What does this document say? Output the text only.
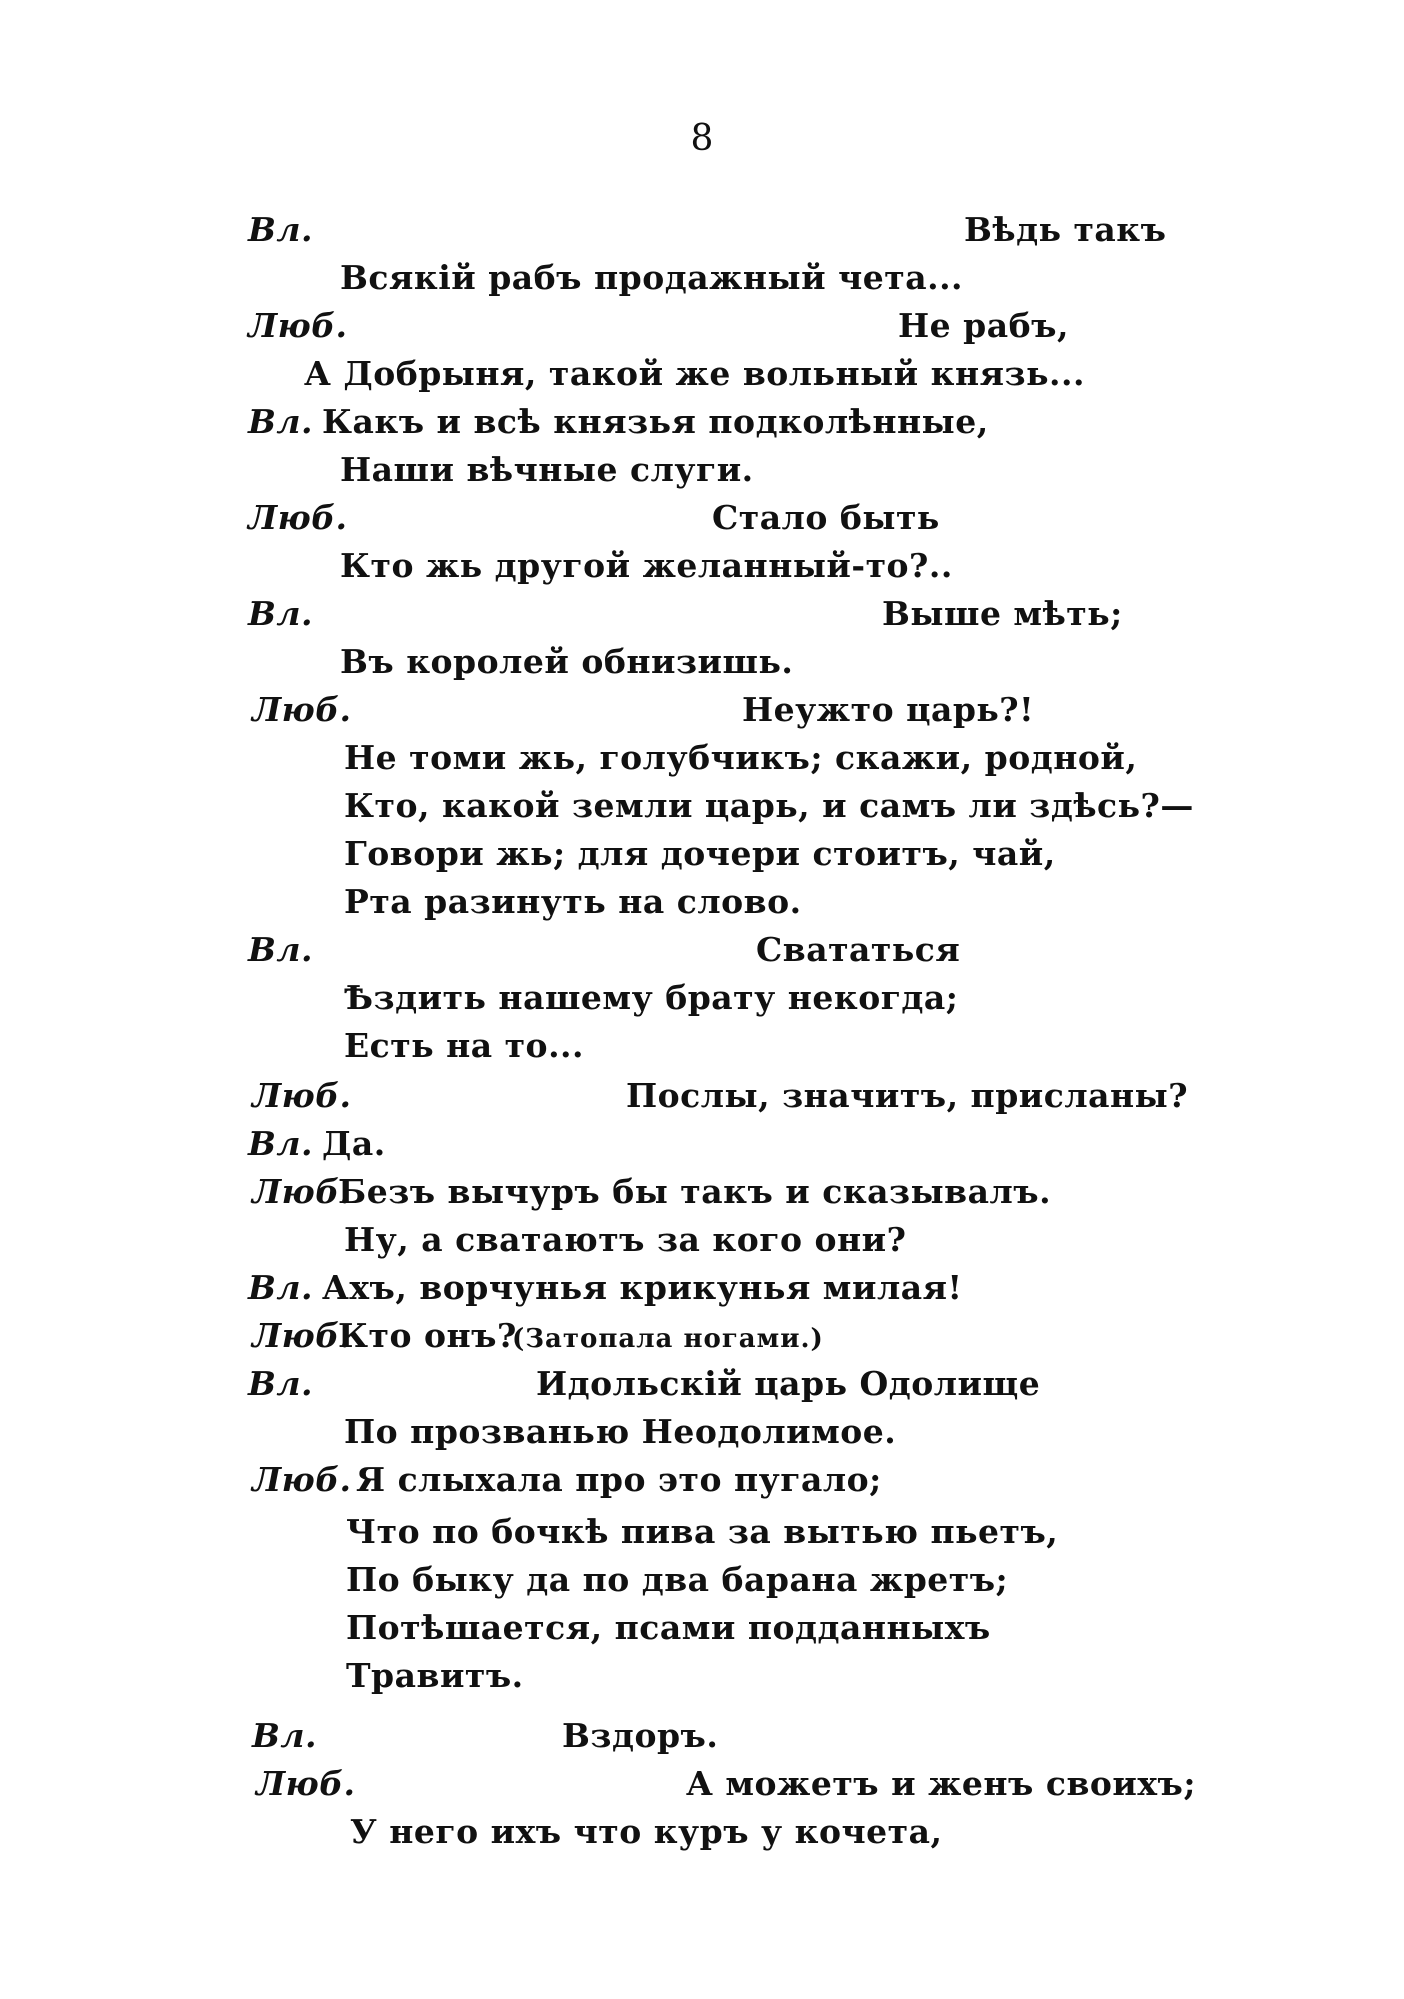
8
Вл.	Вѣдь такъ
Всякій рабъ продажный чета...
Люб.	Не рабъ,
А Добрыня, такой же вольный князь...
Вл. Какъ и всѣ князья подколѣнные,
Наши вѣчные слуги.
Люб.	Стало быть
Кто жь другой желанный-то?..
Вл.	Выше мѣть;
Въ королей обнизишь.
Люб.	Неужто царь?!
Не томи жь, голубчикъ; скажи, родной,
Кто, какой земли царь, и самъ ли здѣсь?—
Говори жь; для дочери стоитъ, чай,
Рта разинуть на слово.
Вл.	Свататься
Ѣздить нашему брату некогда;
Есть на то...
Люб.	Послы, значитъ, присланы?
Вл. Да.
Люб.
Безъ вычуръ бы такъ и сказывалъ.
Ну, а сватаютъ за кого они?
Вл. Ахъ, ворчунья крикунья милая!
Люб.
Кто онъ?
(Затопала ногами.)
Вл.	Идольскій царь Одолище
По прозванью Неодолимое.
Люб. Я слыхала про это пугало;
Что по бочкѣ пива за вытью пьетъ,
По быку да по два барана жретъ;
Потѣшается, псами подданныхъ
Травитъ.
Вл.	Вздоръ.
Люб.	А можетъ и женъ своихъ;
У него ихъ что куръ у кочета,
